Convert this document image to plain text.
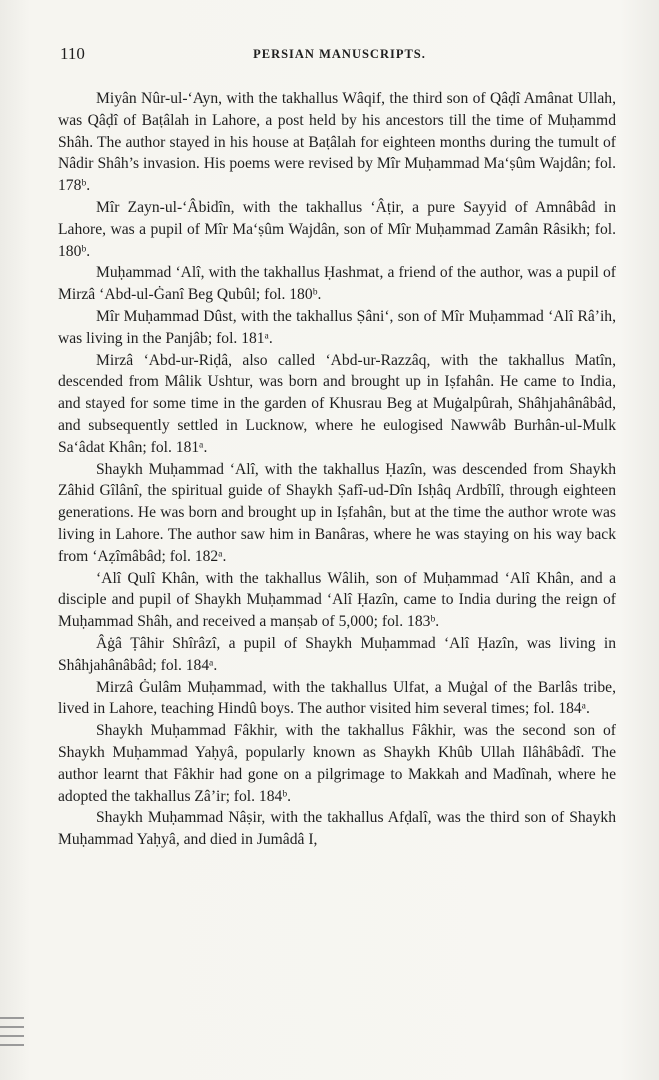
110	PERSIAN MANUSCRIPTS.

Miyân Nûr-ul-ʻAyn, with the takhallus Wâqif, the third son of Qâḍî Amânat Ullah, was Qâḍî of Baṭâlah in Lahore, a post held by his ancestors till the time of Muḥammd Shâh. The author stayed in his house at Baṭâlah for eighteen months during the tumult of Nâdir Shâh’s invasion. His poems were revised by Mîr Muḥammad Maʻṣûm Wajdân; fol. 178ᵇ.

Mîr Zayn-ul-ʻÂbidîn, with the takhallus ʻÂṭir, a pure Sayyid of Amnâbâd in Lahore, was a pupil of Mîr Maʻṣûm Wajdân, son of Mîr Muḥammad Zamân Râsikh; fol. 180ᵇ.

Muḥammad ʻAlî, with the takhallus Ḥashmat, a friend of the author, was a pupil of Mirzâ ʻAbd-ul-Ġanî Beg Qubûl; fol. 180ᵇ.

Mîr Muḥammad Dûst, with the takhallus Ṣâniʻ, son of Mîr Muḥammad ʻAlî Râʼih, was living in the Panjâb; fol. 181ᵃ.

Mirzâ ʻAbd-ur-Riḍâ, also called ʻAbd-ur-Razzâq, with the takhallus Matîn, descended from Mâlik Ushtur, was born and brought up in Iṣfahân. He came to India, and stayed for some time in the garden of Khusrau Beg at Muġalpûrah, Shâhjahânâbâd, and subsequently settled in Lucknow, where he eulogised Nawwâb Burhân-ul-Mulk Saʻâdat Khân; fol. 181ᵃ.

Shaykh Muḥammad ʻAlî, with the takhallus Ḥazîn, was descended from Shaykh Zâhid Gîlânî, the spiritual guide of Shaykh Ṣafî-ud-Dîn Isḥâq Ardbîlî, through eighteen generations. He was born and brought up in Iṣfahân, but at the time the author wrote was living in Lahore. The author saw him in Banâras, where he was staying on his way back from ʻAẓîmâbâd; fol. 182ᵃ.

ʻAlî Qulî Khân, with the takhallus Wâlih, son of Muḥammad ʻAlî Khân, and a disciple and pupil of Shaykh Muḥammad ʻAlî Ḥazîn, came to India during the reign of Muḥammad Shâh, and received a manṣab of 5,000; fol. 183ᵇ.

Âġâ Ṭâhir Shîrâzî, a pupil of Shaykh Muḥammad ʻAlî Ḥazîn, was living in Shâhjahânâbâd; fol. 184ᵃ.

Mirzâ Ġulâm Muḥammad, with the takhallus Ulfat, a Muġal of the Barlâs tribe, lived in Lahore, teaching Hindû boys. The author visited him several times; fol. 184ᵃ.

Shaykh Muḥammad Fâkhir, with the takhallus Fâkhir, was the second son of Shaykh Muḥammad Yaḥyâ, popularly known as Shaykh Khûb Ullah Ilâhâbâdî. The author learnt that Fâkhir had gone on a pilgrimage to Makkah and Madînah, where he adopted the takhallus Zâʼir; fol. 184ᵇ.

Shaykh Muḥammad Nâṣir, with the takhallus Afḍalî, was the third son of Shaykh Muḥammad Yaḥyâ, and died in Jumâdâ I,
